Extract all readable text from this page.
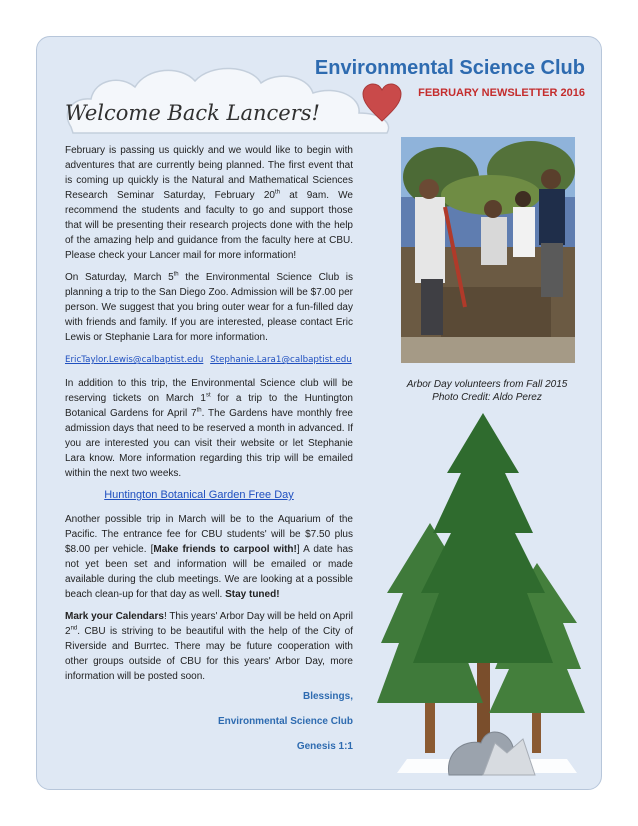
Environmental Science Club
FEBRUARY NEWSLETTER 2016
Welcome Back Lancers!

February is passing us quickly and we would like to begin with adventures that are currently being planned. The first event that is coming up quickly is the Natural and Mathematical Sciences Research Seminar Saturday, February 20th at 9am. We recommend the students and faculty to go and support those that will be presenting their research projects done with the help of the amazing help and guidance from the faculty here at CBU. Please check your Lancer mail for more information!

On Saturday, March 5th the Environmental Science Club is planning a trip to the San Diego Zoo. Admission will be $7.00 per person. We suggest that you bring outer wear for a fun-filled day with friends and family. If you are interested, please contact Eric Lewis or Stephanie Lara for more information.

EricTaylor.Lewis@calbaptist.edu Stephanie.Lara1@calbaptist.edu

In addition to this trip, the Environmental Science club will be reserving tickets on March 1st for a trip to the Huntington Botanical Gardens for April 7th. The Gardens have monthly free admission days that need to be reserved a month in advanced. If you are interested you can visit their website or let Stephanie Lara know. More information regarding this trip will be emailed within the next two weeks.

Huntington Botanical Garden Free Day

Another possible trip in March will be to the Aquarium of the Pacific. The entrance fee for CBU students' will be $7.50 plus $8.00 per vehicle. [Make friends to carpool with!] A date has not yet been set and information will be emailed or made available during the club meetings. We are looking at a possible beach clean-up for that day as well. Stay tuned!

Mark your Calendars! This years' Arbor Day will be held on April 2nd. CBU is striving to be beautiful with the help of the City of Riverside and Burrtec. There may be future cooperation with other groups outside of CBU for this years' Arbor Day, more information will be posted soon.

Blessings,
Environmental Science Club
Genesis 1:1
Arbor Day volunteers from Fall 2015
Photo Credit: Aldo Perez
